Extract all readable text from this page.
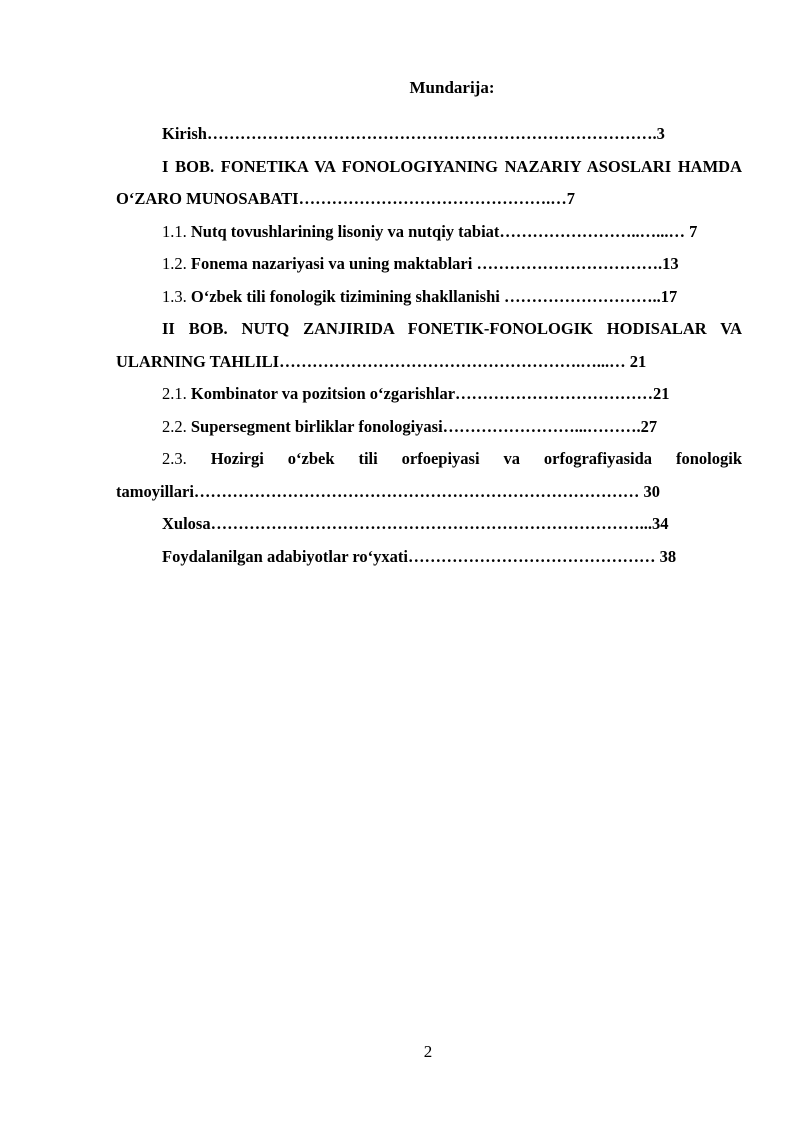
Mundarija:

Kirish……………………………………………………………………….3

I BOB. FONETIKA VA FONOLOGIYANING NAZARIY ASOSLARI HAMDA O‘ZARO MUNOSABATI……………………………………….…7

1.1. Nutq tovushlarining lisoniy va nutqiy tabiat……………………..…...… 7

1.2. Fonema nazariyasi va uning maktablari …………………………….13

1.3. O‘zbek tili fonologik tizimining shakllanishi ………………………..17

II BOB. NUTQ ZANJIRIDA FONETIK-FONOLOGIK HODISALAR VA ULARNING TAHLILI……………………………………………….…...… 21

2.1. Kombinator va pozitsion o‘zgarishlar………………………………21

2.2. Supersegment birliklar fonologiyasi……………………...……….27

2.3. Hozirgi o‘zbek tili orfoepiyasi va orfografiyasida fonologik tamoyillari……………………………………………………………………… 30

Xulosa……………………………………………………………………...34

Foydalanilgan adabiyotlar ro‘yxati……………………………………… 38

2
